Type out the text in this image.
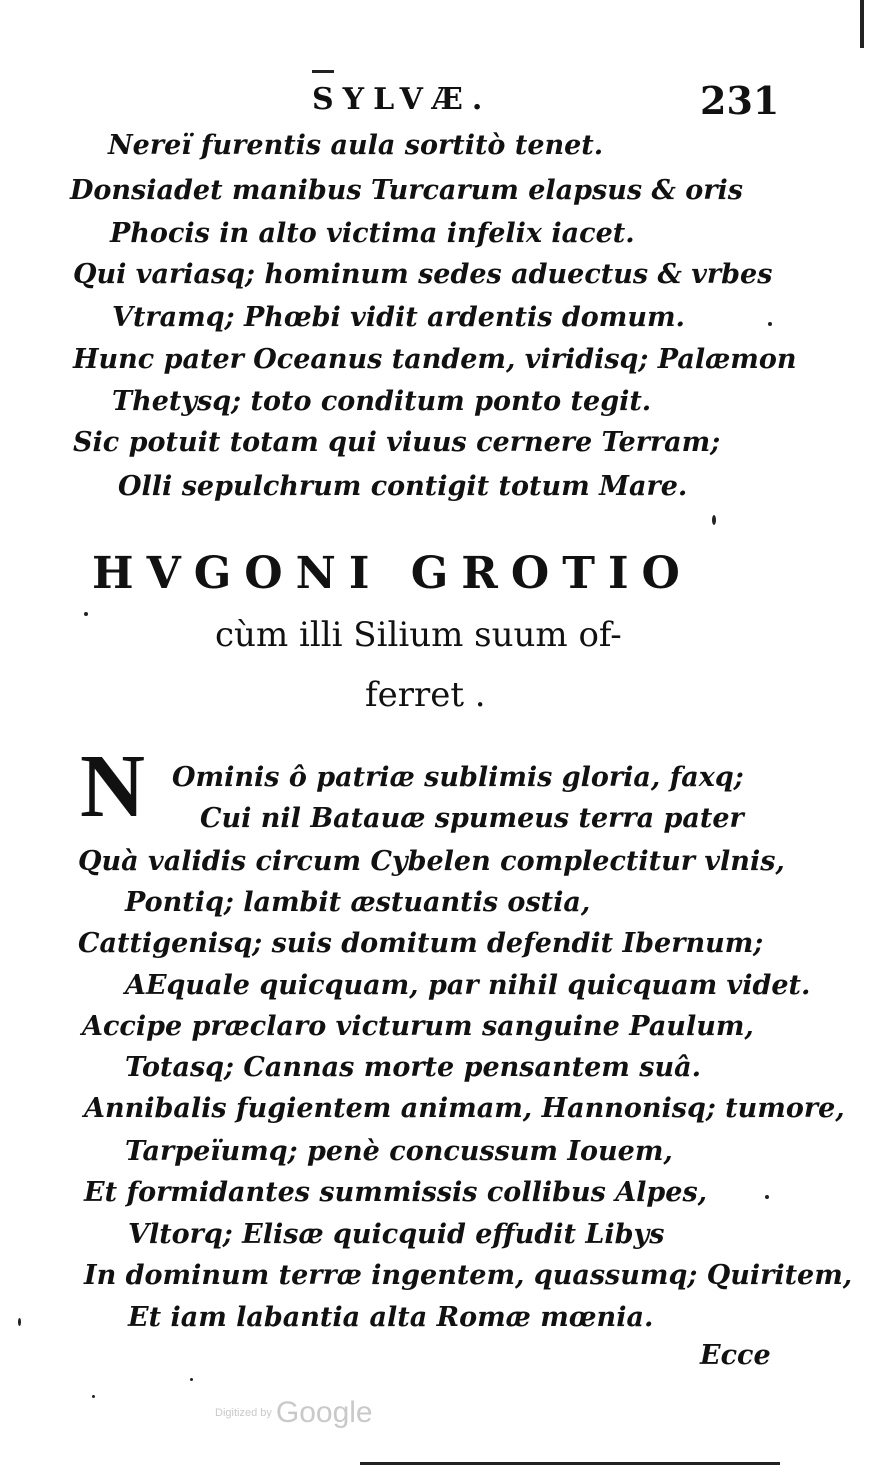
SYLVÆ.	231
Nereï furentis aula sortitò tenet.
Donsiadet manibus Turcarum elapsus & oris
Phocis in alto victima infelix iacet.
Qui variasq; hominum sedes aduectus & vrbes
Vtramq; Phœbi vidit ardentis domum.
Hunc pater Oceanus tandem, viridisq; Palæmon
Thetysq; toto conditum ponto tegit.
Sic potuit totam qui viuus cernere Terram;
Olli sepulchrum contigit totum Mare.
HVGONI GROTIO
cùm illi Silium suum of-
ferret .
N Ominis ô patriæ sublimis gloria, faxq;
Cui nil Batauæ spumeus terra pater
Quà validis circum Cybelen complectitur vlnis,
Pontiq; lambit æstuantis ostia,
Cattigenisq; suis domitum defendit Ibernum;
AEquale quicquam, par nihil quicquam videt.
Accipe præclaro victurum sanguine Paulum,
Totasq; Cannas morte pensantem suâ.
Annibalis fugientem animam, Hannonisq; tumore,
Tarpeïumq; penè concussum Iouem,
Et formidantes summissis collibus Alpes,
Vltorq; Elisæ quicquid effudit Libys
In dominum terræ ingentem, quassumq; Quiritem,
Et iam labantia alta Romæ mœnia.
Ecce
Digitized by Google
